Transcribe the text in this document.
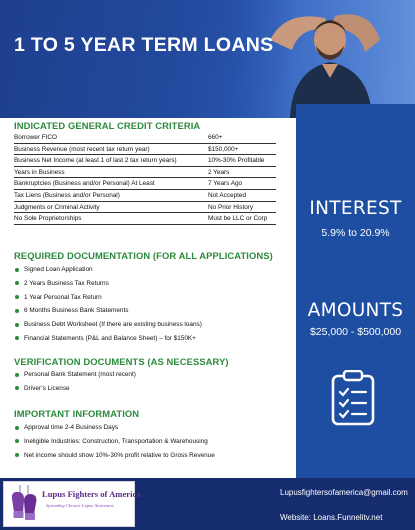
1 TO 5 YEAR TERM LOANS
INTEREST
5.9% to 20.9%
AMOUNTS
$25,000 - $500,000
INDICATED GENERAL CREDIT CRITERIA
Borrower FICO	660+
Business Revenue (most recent tax return year)	$150,000+
Business Net Income (at least 1 of last 2 tax return years)	10%-30% Profitable
Years in Business	2 Years
Bankruptcies (Business and/or Personal) At Least	7 Years Ago
Tax Liens (Business and/or Personal)	Not Accepted
Judgments or Criminal Activity	No Prior History
No Sole Proprietorships	Must be LLC or Corp
REQUIRED DOCUMENTATION (FOR ALL APPLICATIONS)
Signed Loan Application
2 Years Business Tax Returns
1 Year Personal Tax Return
6 Months Business Bank Statements
Business Debt Worksheet (If there are existing business loans)
Financial Statements (P&L and Balance Sheet) – for $150K+
VERIFICATION DOCUMENTS (AS NECESSARY)
Personal Bank Statement (most recent)
Driver’s License
IMPORTANT INFORMATION
Approval time 2-4 Business Days
Ineligible Industries: Construction, Transportation & Warehousing
Net income should show 10%-30% profit relative to Gross Revenue
Lupus Fighters of America
Spreading Chronic Lupus Awareness
Lupusfightersofamerica@gmail.com
Website: Loans.Funnelitv.net
